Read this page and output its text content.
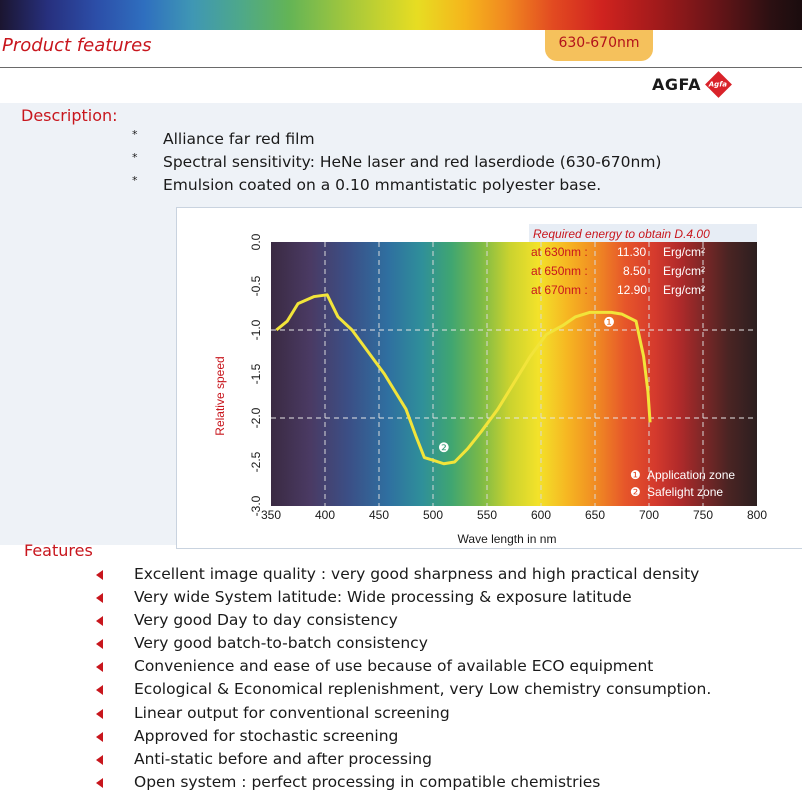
Product features	630-670nm
AGFA Agfa
Description:
* Alliance far red film
* Spectral sensitivity: HeNe laser and red laserdiode (630-670nm)
* Emulsion coated on a 0.10 mmantistatic polyester base.
350	400	450	500	550	600	650	700	750	800
0.0
-0.5
-1.0
-1.5
-2.0
-2.5
-3.0
❶
❷
Relative speed
Wave length in nm
Required energy to obtain D.4.00
at 630nm : 11.30 Erg/cm²
at 650nm :	8.50 Erg/cm²
at 670nm : 12.90 Erg/cm²
❶ Application zone
❷ Safelight zone
Features
Excellent image quality : very good sharpness and high practical density
Very wide System latitude: Wide processing & exposure latitude
Very good Day to day consistency
Very good batch-to-batch consistency
Convenience and ease of use because of available ECO equipment
Ecological & Economical replenishment, very Low chemistry consumption.
Linear output for conventional screening
Approved for stochastic screening
Anti-static before and after processing
Open system : perfect processing in compatible chemistries
